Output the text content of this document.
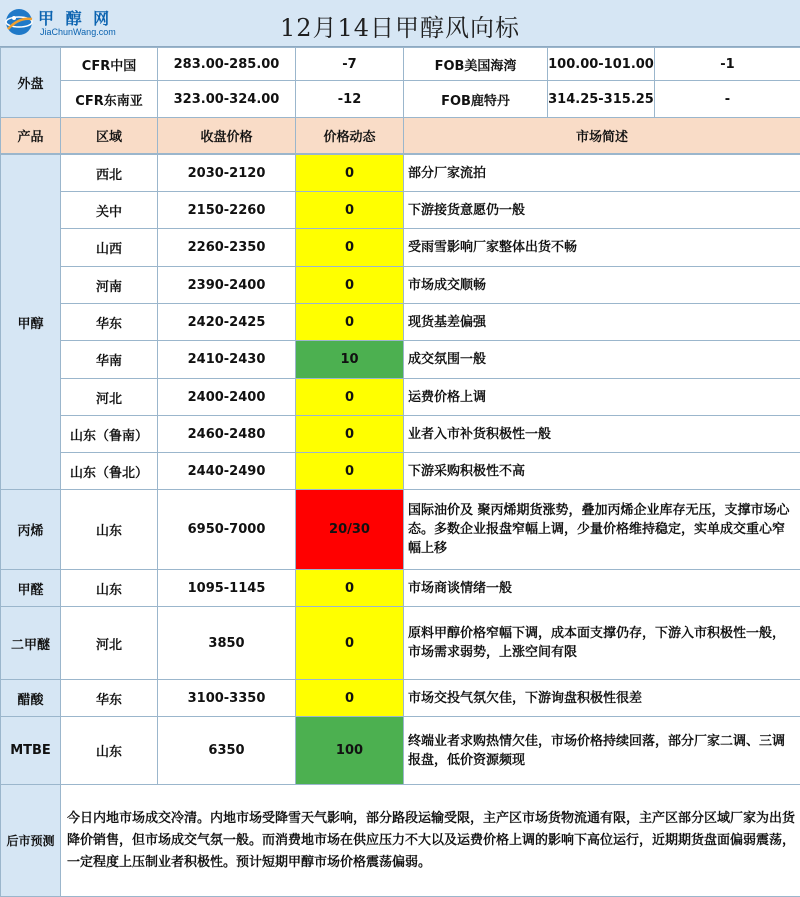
甲 醇 网
JiaChunWang.com	12月14日甲醇风向标
外盘	CFR中国	283.00-285.00	-7	FOB美国海湾	100.00-101.00	-1
	CFR东南亚	323.00-324.00	-12	FOB鹿特丹	314.25-315.25	-
产品	区域	收盘价格	价格动态	市场简述		
甲醇	西北	2030-2120	0	部分厂家流拍
	关中	2150-2260	0	下游接货意愿仍一般
	山西	2260-2350	0	受雨雪影响厂家整体出货不畅
	河南	2390-2400	0	市场成交顺畅
	华东	2420-2425	0	现货基差偏强
	华南	2410-2430	10	成交氛围一般
	河北	2400-2400	0	运费价格上调
	山东（鲁南）	2460-2480	0	业者入市补货积极性一般
	山东（鲁北）	2440-2490	0	下游采购积极性不高
丙烯	山东	6950-7000	20/30	国际油价及 聚丙烯期货涨势，叠加丙烯企业库存无压，支撑市场心态。多数企业报盘窄幅上调，少量价格维持稳定，实单成交重心窄幅上移
甲醛	山东	1095-1145	0	市场商谈情绪一般
二甲醚	河北	3850	0	原料甲醇价格窄幅下调，成本面支撑仍存，下游入市积极性一般，市场需求弱势，上涨空间有限
醋酸	华东	3100-3350	0	市场交投气氛欠佳，下游询盘积极性很差
MTBE	山东	6350	100	终端业者求购热情欠佳，市场价格持续回落，部分厂家二调、三调报盘，低价资源频现
后市预测	今日内地市场成交冷清。内地市场受降雪天气影响，部分路段运输受限，主产区市场货物流通有限，主产区部分区域厂家为出货降价销售，但市场成交气氛一般。而消费地市场在供应压力不大以及运费价格上调的影响下高位运行，近期期货盘面偏弱震荡，一定程度上压制业者积极性。预计短期甲醇市场价格震荡偏弱。			
